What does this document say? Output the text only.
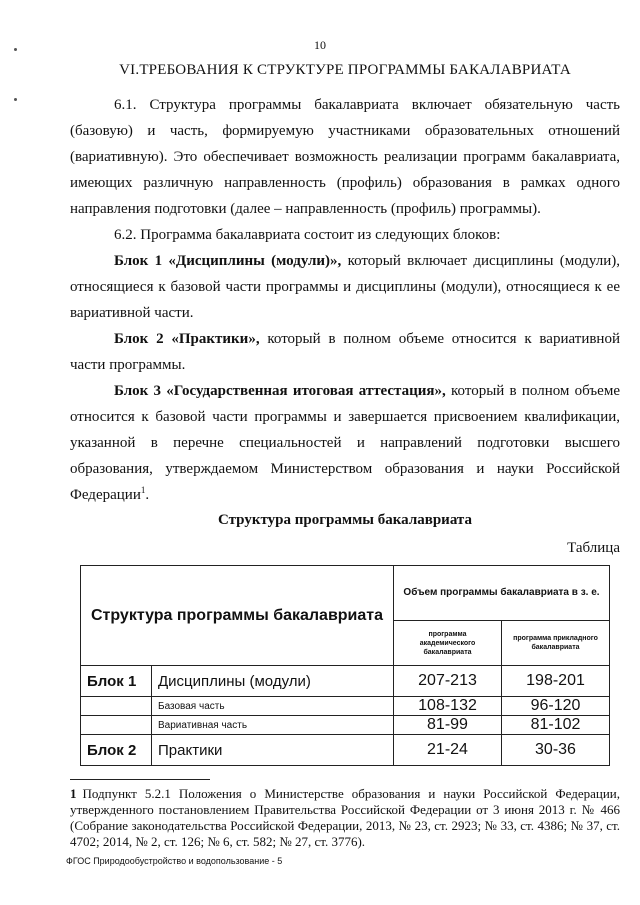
10
VI.ТРЕБОВАНИЯ К СТРУКТУРЕ ПРОГРАММЫ БАКАЛАВРИАТА
6.1. Структура программы бакалавриата включает обязательную часть (базовую) и часть, формируемую участниками образовательных отношений (вариативную). Это обеспечивает возможность реализации программ бакалавриата, имеющих различную направленность (профиль) образования в рамках одного направления подготовки (далее – направленность (профиль) программы).
6.2. Программа бакалавриата состоит из следующих блоков:
Блок 1 «Дисциплины (модули)», который включает дисциплины (модули), относящиеся к базовой части программы и дисциплины (модули), относящиеся к ее вариативной части.
Блок 2 «Практики», который в полном объеме относится к вариативной части программы.
Блок 3 «Государственная итоговая аттестация», который в полном объеме относится к базовой части программы и завершается присвоением квалификации, указанной в перечне специальностей и направлений подготовки высшего образования, утверждаемом Министерством образования и науки Российской Федерации$^1$.
Структура программы бакалавриата
Таблица
Структура программы бакалавриата		Объем программы бакалавриата в з. е.	
		программа академического бакалавриата	программа прикладного бакалавриата
Блок 1	Дисциплины (модули)	207-213	198-201
	Базовая часть	108-132	96-120
	Вариативная часть	81-99	81-102
Блок 2	Практики	21-24	30-36
1 Подпункт 5.2.1 Положения о Министерстве образования и науки Российской Федерации, утвержденного постановлением Правительства Российской Федерации от 3 июня 2013 г. № 466 (Собрание законодательства Российской Федерации, 2013, № 23, ст. 2923; № 33, ст. 4386; № 37, ст. 4702; 2014, № 2, ст. 126; № 6, ст. 582; № 27, ст. 3776).
ФГОС Природообустройство и водопользование - 5
